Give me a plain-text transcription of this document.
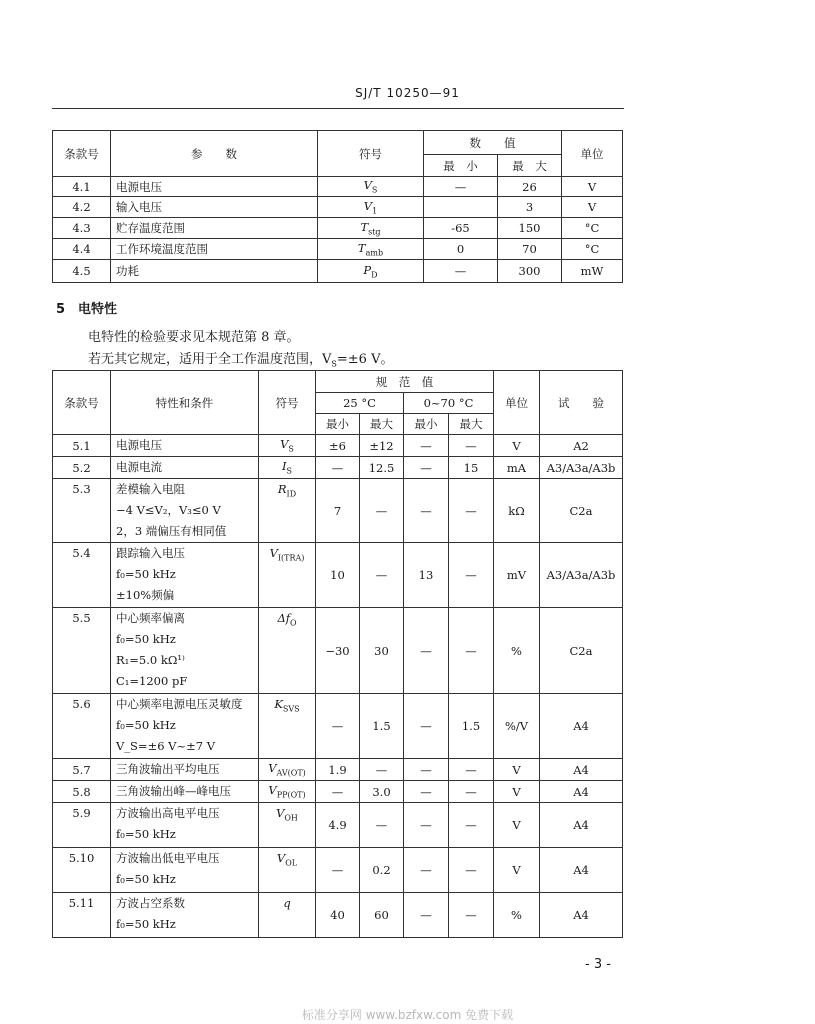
SJ/T 10250—91
条款号	参　　数	符号	数　　值		单位
			最　小	最　大	
4.1	电源电压	$V_S$	—	26	V
4.2	输入电压	$V_1$		3	V
4.3	贮存温度范围	$T_{stg}$	-65	150	°C
4.4	工作环境温度范围	$T_{amb}$	0	70	°C
4.5	功耗	$P_D$	—	300	mW
5　电特性
电特性的检验要求见本规范第 8 章。
若无其它规定，适用于全工作温度范围，$V_S=\pm 6$ V。
条款号	特性和条件	符号	规　范　值				单位	试　　验
			25 °C		0~70 °C			
			最小	最大	最小	最大		
5.1	电源电压	$V_S$	±6	±12	—	—	V	A2
5.2	电源电流	$I_S$	—	12.5	—	15	mA	A3/A3a/A3b
5.3	差模输入电阻
−4 V≤V₂，V₃≤0 V
2，3 端偏压有相同值	$R_{ID}$	7	—	—	—	kΩ	C2a
5.4	跟踪输入电压
f₀=50 kHz
±10%频偏	$V_{I(TRA)}$	10	—	13	—	mV	A3/A3a/A3b
5.5	中心频率偏离
f₀=50 kHz
R₁=5.0 kΩ¹⁾
C₁=1200 pF	$\Delta f_O$	−30	30	—	—	%	C2a
5.6	中心频率电源电压灵敏度
f₀=50 kHz
V_S=±6 V~±7 V	$K_{SVS}$	—	1.5	—	1.5	%/V	A4
5.7	三角波输出平均电压	$V_{AV(OT)}$	1.9	—	—	—	V	A4
5.8	三角波输出峰—峰电压	$V_{PP(OT)}$	—	3.0	—	—	V	A4
5.9	方波输出高电平电压
f₀=50 kHz	$V_{OH}$	4.9	—	—	—	V	A4
5.10	方波输出低电平电压
f₀=50 kHz	$V_{OL}$	—	0.2	—	—	V	A4
5.11	方波占空系数
f₀=50 kHz	q	40	60	—	—	%	A4
- 3 -
标准分享网 www.bzfxw.com 免费下载
